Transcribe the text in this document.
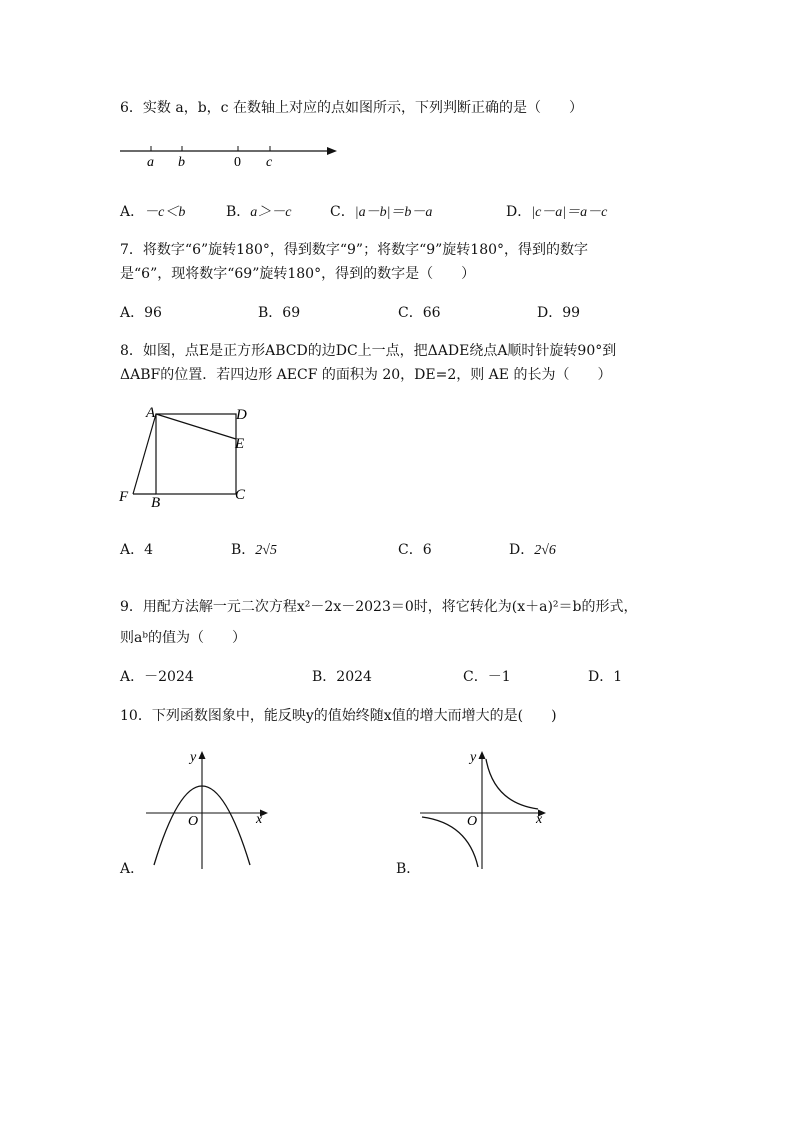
6．实数 a，b，c 在数轴上对应的点如图所示，下列判断正确的是（　　）
a b	0 c
A．－c＜b	B．a＞－c	C．|a－b|＝b－a	D．|c－a|＝a－c
7．将数字“6”旋转180°，得到数字“9”；将数字“9”旋转180°，得到的数字
是“6”，现将数字“69”旋转180°，得到的数字是（　　）
A．96	B．69	C．66	D．99
8．如图，点E是正方形ABCD的边DC上一点，把ΔADE绕点A顺时针旋转90°到
ΔABF的位置．若四边形 AECF 的面积为 20，DE=2，则 AE 的长为（　　）
A	D
E
C
B
F
A．4	B．2√5	C．6	D．2√6
9．用配方法解一元二次方程x²－2x－2023＝0时，将它转化为(x＋a)²＝b的形式，
则aᵇ的值为（　　）
A．－2024	B．2024	C．－1	D．1
10．下列函数图象中，能反映y的值始终随x值的增大而增大的是(　　)
A．
y
x
O
B．
y
x
O
